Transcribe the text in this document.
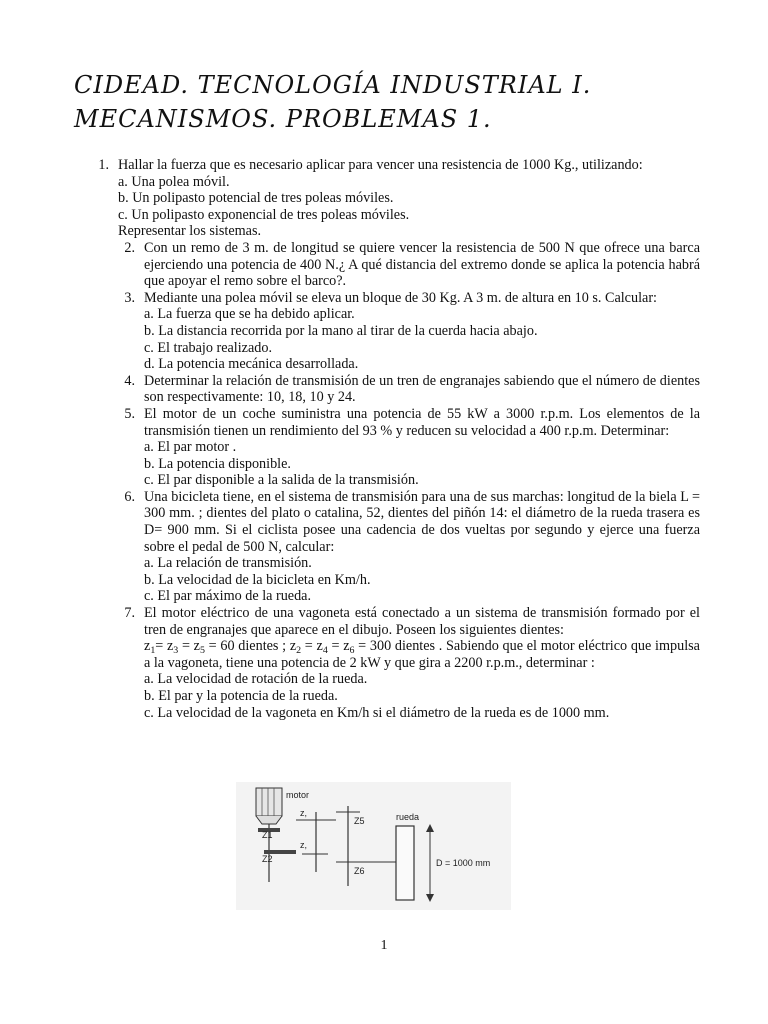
CIDEAD. TECNOLOGÍA INDUSTRIAL I. MECANISMOS. PROBLEMAS 1.
1. Hallar la fuerza que es necesario aplicar para vencer una resistencia de 1000 Kg., utilizando:
a. Una polea móvil.
b. Un polipasto potencial de tres poleas móviles.
c. Un polipasto exponencial de tres poleas móviles.
Representar los sistemas.
2. Con un remo de 3 m. de longitud se quiere vencer la resistencia de 500 N que ofrece una barca ejerciendo una potencia de 400 N.¿ A qué distancia del extremo donde se aplica la potencia habrá que apoyar el remo sobre el barco?.
3. Mediante una polea móvil se eleva un bloque de 30 Kg. A 3 m. de altura en 10 s. Calcular:
a. La fuerza que se ha debido aplicar.
b. La distancia recorrida por la mano al tirar de la cuerda hacia abajo.
c. El trabajo realizado.
d. La potencia mecánica desarrollada.
4. Determinar la relación de transmisión de un tren de engranajes sabiendo que el número de dientes son respectivamente: 10, 18, 10 y 24.
5. El motor de un coche suministra una potencia de 55 kW a 3000 r.p.m. Los elementos de la transmisión tienen un rendimiento del 93 % y reducen su velocidad a 400 r.p.m. Determinar:
a. El par motor .
b. La potencia disponible.
c. El par disponible a la salida de la transmisión.
6. Una bicicleta tiene, en el sistema de transmisión para una de sus marchas: longitud de la biela L = 300 mm. ; dientes del plato o catalina, 52, dientes del piñón 14: el diámetro de la rueda trasera es D= 900 mm. Si el ciclista posee una cadencia de dos vueltas por segundo y ejerce una fuerza sobre el pedal de 500 N, calcular:
a. La relación de transmisión.
b. La velocidad de la bicicleta en Km/h.
c. El par máximo de la rueda.
7. El motor eléctrico de una vagoneta está conectado a un sistema de transmisión formado por el tren de engranajes que aparece en el dibujo. Poseen los siguientes dientes:
$z_1= z_3 = z_5 = 60$ dientes ; $z_2 = z_4 = z_6 = 300$ dientes . Sabiendo que el motor eléctrico que impulsa a la vagoneta, tiene una potencia de 2 kW y que gira a 2200 r.p.m., determinar :
a. La velocidad de rotación de la rueda.
b. El par y la potencia de la rueda.
c. La velocidad de la vagoneta en Km/h si el diámetro de la rueda es de 1000 mm.
motor
Z1
Z2
z,
z,
Z5
Z6
rueda
D = 1000 mm
1
